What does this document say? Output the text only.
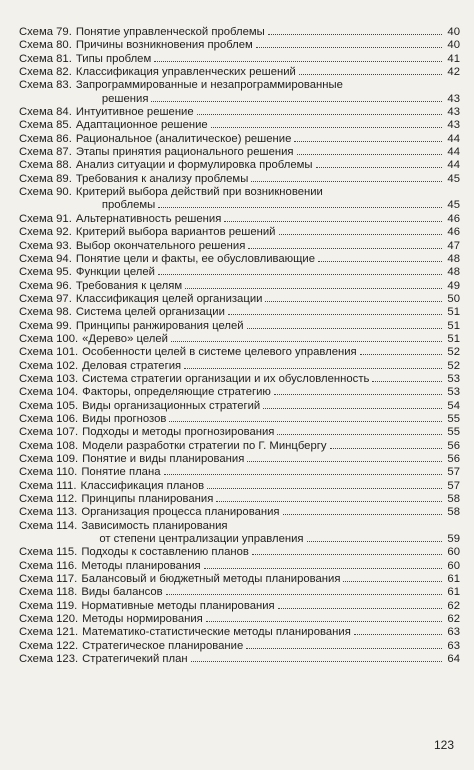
Схема 79. Понятие управленческой проблемы	40
Схема 80. Причины возникновения проблем	40
Схема 81. Типы проблем	41
Схема 82. Классификация управленческих решений	42
Схема 83. Запрограммированные и незапрограммированные
решения	43
Схема 84. Интуитивное решение	43
Схема 85. Адаптационное решение	43
Схема 86. Рациональное (аналитическое) решение	44
Схема 87. Этапы принятия рационального решения	44
Схема 88. Анализ ситуации и формулировка проблемы	44
Схема 89. Требования к анализу проблемы	45
Схема 90. Критерий выбора действий при возникновении
проблемы	45
Схема 91. Альтернативность решения	46
Схема 92. Критерий выбора вариантов решений	46
Схема 93. Выбор окончательного решения	47
Схема 94. Понятие цели и факты, ее обусловливающие	48
Схема 95. Функции целей	48
Схема 96. Требования к целям	49
Схема 97. Классификация целей организации	50
Схема 98. Система целей организации	51
Схема 99. Принципы ранжирования целей	51
Схема 100. «Дерево» целей	51
Схема 101. Особенности целей в системе целевого управления	52
Схема 102. Деловая стратегия	52
Схема 103. Система стратегии организации и их обусловленность	53
Схема 104. Факторы, определяющие стратегию	53
Схема 105. Виды организационных стратегий	54
Схема 106. Виды прогнозов	55
Схема 107. Подходы и методы прогнозирования	55
Схема 108. Модели разработки стратегии по Г. Минцбергу	56
Схема 109. Понятие и виды планирования	56
Схема 110. Понятие плана	57
Схема 111. Классификация планов	57
Схема 112. Принципы планирования	58
Схема 113. Организация процесса планирования	58
Схема 114. Зависимость планирования
от степени централизации управления	59
Схема 115. Подходы к составлению планов	60
Схема 116. Методы планирования	60
Схема 117. Балансовый и бюджетный методы планирования	61
Схема 118. Виды балансов	61
Схема 119. Нормативные методы планирования	62
Схема 120. Методы нормирования	62
Схема 121. Математико-статистические методы планирования	63
Схема 122. Стратегическое планирование	63
Схема 123. Стратегичекий план	64
123
